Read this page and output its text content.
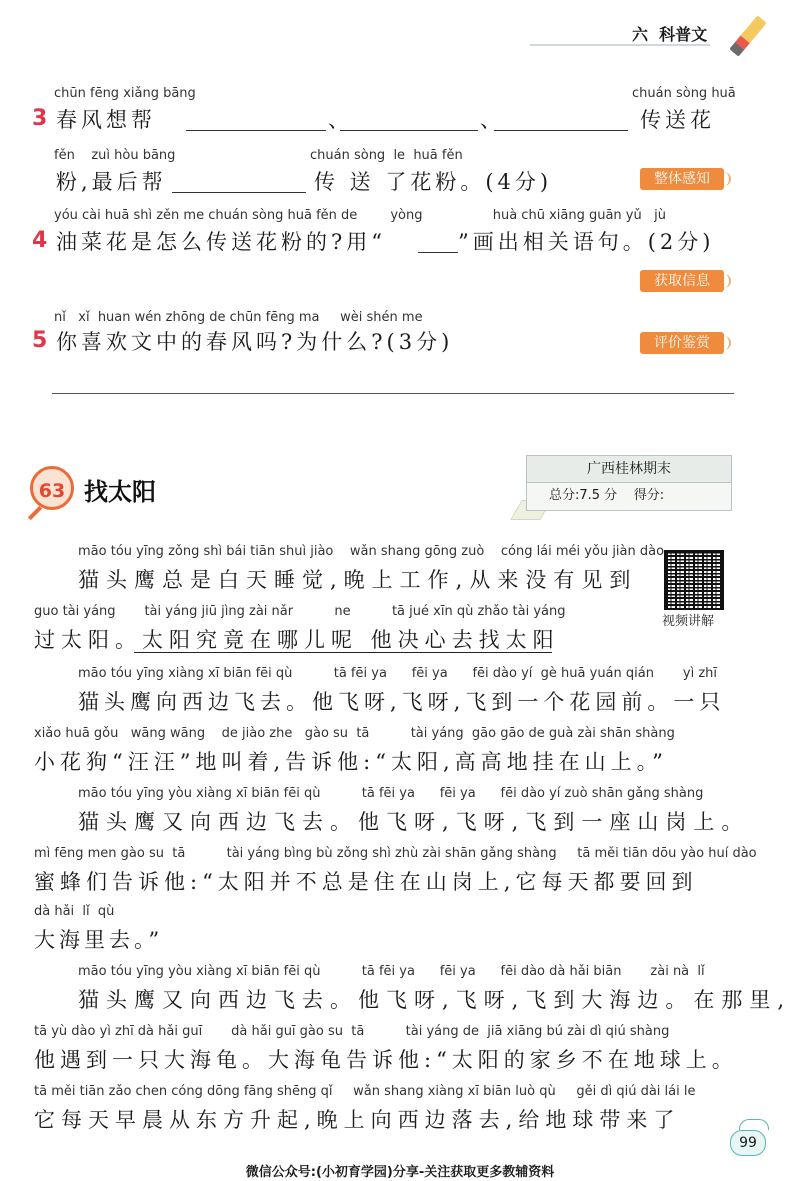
六  科普文
chūn fēng xiǎng bāng	chuán sòng huā
3 春风想帮	、	、	传送花
fěn    zuì hòu bāng	chuán sòng  le  huā fěn
粉,最后帮	传 送 了花粉。(4分)	整体感知
yóu cài huā shì zěn me chuán sòng huā fěn de        yòng                 huà chū xiāng guān yǔ   jù
4 油菜花是怎么传送花粉的?用“	”画出相关语句。(2分)
获取信息
nǐ   xǐ  huan wén zhōng de chūn fēng ma     wèi shén me
5 你喜欢文中的春风吗?为什么?(3分)	评价鉴赏
63 找太阳
广西桂林期末
总分:7.5 分    得分:
视频讲解
māo tóu yīng zǒng shì bái tiān shuì jiào    wǎn shang gōng zuò    cóng lái méi yǒu jiàn dào
猫头鹰总是白天睡觉,晚上工作,从来没有见到
guo tài yáng       tài yáng jiū jìng zài nǎr          ne          tā jué xīn qù zhǎo tài yáng
过太阳。太阳究竟在哪儿呢 他决心去找太阳
māo tóu yīng xiàng xī biān fēi qù          tā fēi ya      fēi ya      fēi dào yí  gè huā yuán qián       yì zhī
猫头鹰向西边飞去。他飞呀,飞呀,飞到一个花园前。一只
xiǎo huā gǒu   wāng wāng    de jiào zhe   gào su  tā          tài yáng  gāo gāo de guà zài shān shàng
小花狗“汪汪”地叫着,告诉他:“太阳,高高地挂在山上。”
māo tóu yīng yòu xiàng xī biān fēi qù          tā fēi ya      fēi ya      fēi dào yí zuò shān gǎng shàng
猫头鹰又向西边飞去。他飞呀,飞呀,飞到一座山岗上。
mì fēng men gào su  tā          tài yáng bìng bù zǒng shì zhù zài shān gǎng shàng     tā měi tiān dōu yào huí dào
蜜蜂们告诉他:“太阳并不总是住在山岗上,它每天都要回到
dà hǎi  lǐ  qù
大海里去。”
māo tóu yīng yòu xiàng xī biān fēi qù          tā fēi ya      fēi ya      fēi dào dà hǎi biān       zài nà  lǐ
猫头鹰又向西边飞去。他飞呀,飞呀,飞到大海边。在那里,
tā yù dào yì zhī dà hǎi guī       dà hǎi guī gào su  tā          tài yáng de  jiā xiāng bú zài dì qiú shàng
他遇到一只大海龟。大海龟告诉他:“太阳的家乡不在地球上。
tā měi tiān zǎo chen cóng dōng fāng shēng qǐ     wǎn shang xiàng xī biān luò qù     gěi dì qiú dài lái le
它每天早晨从东方升起,晚上向西边落去,给地球带来了
99
微信公众号:(小初育学园)分享-关注获取更多教辅资料
